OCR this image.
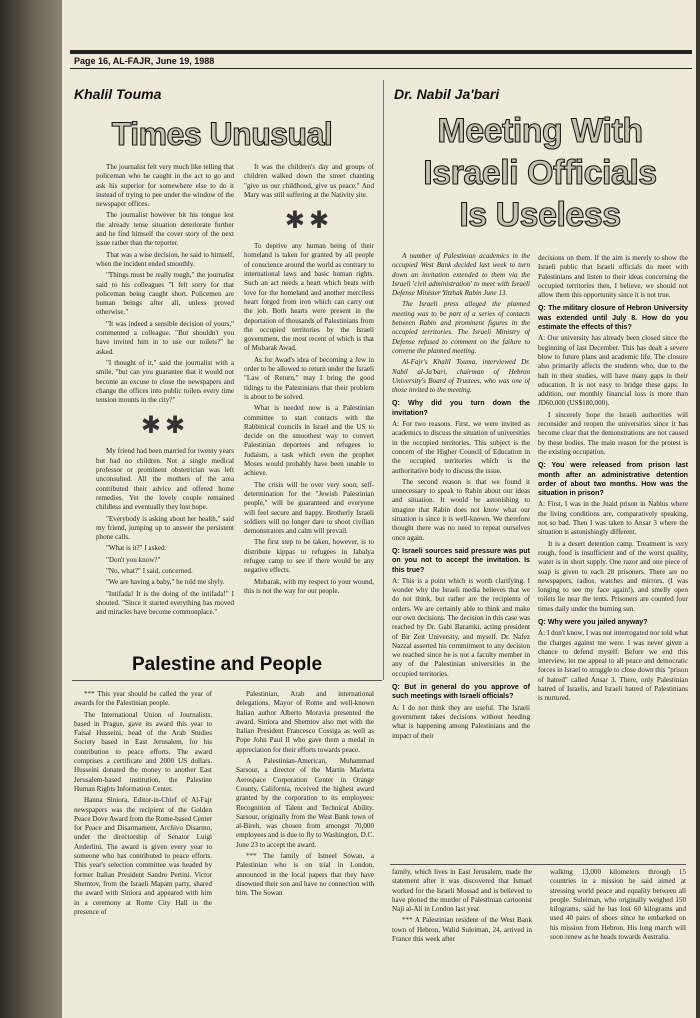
Page 16, AL-FAJR, June 19, 1988
Khalil Touma
Times Unusual

The journalist felt very much like telling that policeman who he caught in the act to go and ask his superior for somewhere else to do it instead of trying to pee under the window of the newspaper offices.

The journalist however bit his tongue lest the already tense situation deteriorate further and he find himself the cover story of the next issue rather than the reporter.

That was a wise decision, he said to himself, when the incident ended smoothly.

"Things must be really tough," the journalist said to his colleagues "I felt sorry for that policeman being caught short. Policemen are human beings after all, unless proved otherwise."

"It was indeed a sensible decision of yours," commented a colleague. "But shouldn't you have invited him in to use our toilets?" he asked.

"I thought of it," said the journalist with a smile, "but can you guarantee that it would not become an excuse to close the newspapers and change the offices into public toilets every time tension mounts in the city?"

✱✱

My friend had been married for twenty years but had no children. Not a single medical professor or prominent obstetrician was left unconsulted. All the mothers of the area contributed their advice and offered home remedies. Yet the lovely couple remained childless and eventually they lost hope.

"Everybody is asking about her health," said my friend, jumping up to answer the persistent phone calls.

"What is it?" I asked.

"Don't you know?"

"No, what?" I said, concerned.

"We are having a baby," he told me shyly.

"Intifada! It is the doing of the intifada!" I shouted. "Since it started everything has moved and miracles have become commonplace."

It was the children's day and groups of children walked down the street chanting "give us our childhood, give us peace." And Mary was still suffering at the Nativity site.

✱✱

To deprive any human being of their homeland is taken for granted by all people of conscience around the world as contrary to international laws and basic human rights. Such an act needs a heart which beats with love for the homeland and another merciless heart forged from iron which can carry out the job. Both hearts were present in the deportation of thousands of Palestinians from the occupied territories by the Israeli government, the most recent of which is that of Mubarak Awad.

As for Awad's idea of becoming a Jew in order to be allowed to return under the Israeli "Law of Return," may I bring the good tidings to the Palestinians that their problem is about to be solved.

What is needed now is a Palestinian committee to start contacts with the Rabbinical councils in Israel and the US to decide on the smoothest way to convert Palestinian deportees and refugees to Judaism, a task which even the prophet Moses would probably have been unable to achieve.

The crisis will be over very soon; self-determination for the "Jewish Palestinian people," will be guaranteed and everyone will feel secure and happy. Brotherly Israeli soldiers will no longer dare to shoot civilian demonstrators and calm will prevail.

The first step to be taken, however, is to distribute kippas to refugees in Jabalya refugee camp to see if there would be any negative effects.

Mubarak, with my respect to your wound, this is not the way for our people.

Dr. Nabil Ja'bari
Meeting With
Israeli Officials
Is Useless

A number of Palestinian academics in the occupied West Bank decided last week to turn down an invitation extended to them via the Israeli 'civil administration' to meet with Israeli Defense Minister Yitzhak Rabin June 13.

The Israeli press alleged the planned meeting was to be part of a series of contacts between Rabin and prominent figures in the occupied territories. The Israeli Ministry of Defense refused to comment on the failure to convene the planned meeting.

Al-Fajr's Khalil Touma, interviewed Dr. Nabil al-Ja'bari, chairman of Hebron University's Board of Trustees, who was one of those invited to the meeting.

Q: Why did you turn down the invitation?

A: For two reasons. First, we were invited as academics to discuss the situation of universities in the occupied territories. This subject is the concern of the Higher Council of Education in the occupied territories which is the authoritative body to discuss the issue.

The second reason is that we found it unnecessary to speak to Rabin about our ideas and situation. It would be astonishing to imagine that Rabin does not know what our situation is since it is well-known. We therefore thought there was no need to repeat ourselves once again.

Q: Israeli sources said pressure was put on you not to accept the invitation. Is this true?

A: This is a point which is worth clarifying. I wonder why the Israeli media believes that we do not think, but rather are the recipients of orders. We are certainly able to think and make our own decisions. The decision in this case was reached by Dr. Gabi Baramki, acting president of Bir Zeit University, and myself. Dr. Nafez Nazzal asserted his commitment to any decision we reached since he is not a faculty member in any of the Palestinian universities in the occupied territories.

Q: But in general do you approve of such meetings with Israeli officials?

A: I do not think they are useful. The Israeli government takes decisions without heeding what is happening among Palestinians and the impact of their

decisions on them. If the aim is merely to show the Israeli public that Israeli officials do meet with Palestinians and listen to their ideas concerning the occupied territories then, I believe, we should not allow them this opportunity since it is not true.

Q: The military closure of Hebron University was extended until July 8. How do you estimate the effects of this?

A: Our university has already been closed since the beginning of last December. This has dealt a severe blow to future plans and academic life. The closure also primarily affects the students who, due to the halt in their studies, will have many gaps in their education. It is not easy to bridge these gaps. In addition, our monthly financial loss is more than JD60,000 (US$180,000).

I sincerely hope the Israeli authorities will reconsider and reopen the universities since it has become clear that the demonstrations are not caused by these bodies. The main reason for the protest is the existing occupation.

Q: You were released from prison last month after an administrative detention order of about two months. How was the situation in prison?

A: First, I was in the Jnaid prison in Nablus where the living conditions are, comparatively speaking, not so bad. Then I was taken to Ansar 3 where the situation is astonishingly different.

It is a desert detention camp. Treatment is very rough, food is insufficient and of the worst quality, water is in short supply. One razor and one piece of soap is given to each 28 prisoners. There are no newspapers, radios, watches and mirrors, (I was longing to see my face again!), and smelly open toilets lie near the tents. Prisoners are counted four times daily under the burning sun.

Q: Why were you jailed anyway?

A: I don't know, I was not interrogated nor told what the charges against me were. I was never given a chance to defend myself. Before we end this interview, let me appeal to all peace and democratic forces in Israel to struggle to close down this "prison of hatred" called Ansar 3. There, only Palestinian hatred of Israelis, and Israeli hatred of Palestinians is nurtured.

Palestine and People

*** This year should be called the year of awards for the Palestinian people.

The International Union of Journalists, based in Prague, gave its award this year to Faisal Husseini, head of the Arab Studies Society based in East Jerusalem, for his contribution to peace efforts. The award comprises a certificate and 2000 US dollars. Husseini donated the money to another East Jerusalem-based institution, the Palestine Human Rights Information Center.

Hanna Siniora, Editor-in-Chief of Al-Fajr newspapers was the recipient of the Golden Peace Dove Award from the Rome-based Center for Peace and Disarmament, Archivo Disarmo, under the directorship of Senator Luigi Anderlini. The award is given every year to someone who has contributed to peace efforts. This year's selection committee was headed by former Italian President Sandro Pertini. Victor Shemtov, from the Israeli Mapam party, shared the award with Siniora and appeared with him in a ceremony at Rome City Hall in the presence of

Palestinian, Arab and international delegations. Mayor of Rome and well-known Italian author Alberto Moravia presented the award. Siniora and Shemtov also met with the Italian President Francesco Cossiga as well as Pope John Paul II who gave them a medal in appreciation for their efforts towards peace.

A Palestinian-American, Muhammad Sarsour, a director of the Martin Marietta Aerospace Corporation Center in Orange County, California, received the highest award granted by the corporation to its employees: Recognition of Talent and Technical Ability. Sarsour, originally from the West Bank town of al-Bireh, was chosen from amongst 70,000 employees and is due to fly to Washington, D.C. June 23 to accept the award.

*** The family of Ismeel Sowan, a Palestinian who is on trial in London, announced in the local papers that they have disowned their son and have no connection with him. The Sowan

family, which lives in East Jerusalem, made the statement after it was discovered that Ismael worked for the Israeli Mossad and is believed to have plotted the murder of Palestinian cartoonist Naji al-Ali in London last year.

*** A Palestinian resident of the West Bank town of Hebron, Walid Suleiman, 24, arrived in France this week after

walking 13,000 kilometers through 15 countries in a mission he said aimed at stressing world peace and equality between all people. Suleiman, who originally weighed 150 kilograms, said he has lost 60 kilograms and used 40 pairs of shoes since he embarked on his mission from Hebron. His long march will soon renew as he heads towards Australia.
